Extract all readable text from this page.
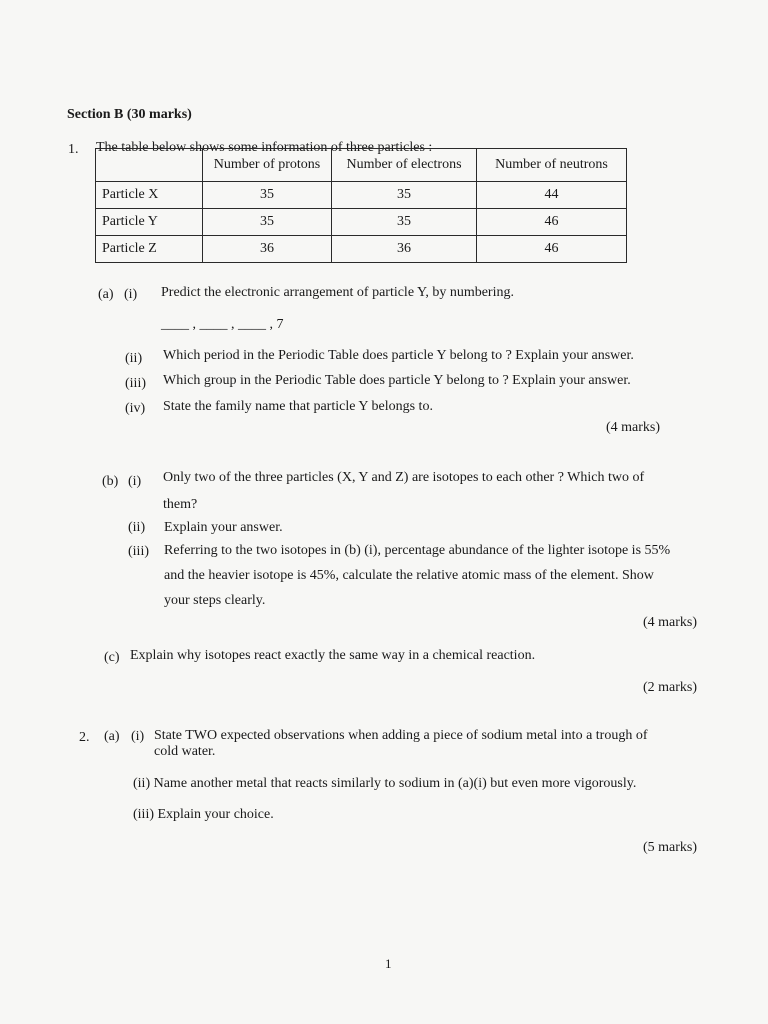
Section B (30 marks)
1. The table below shows some information of three particles :
	Number of protons	Number of electrons	Number of neutrons
Particle X	35	35	44
Particle Y	35	35	46
Particle Z	36	36	46
(a) (i) Predict the electronic arrangement of particle Y, by numbering.
____ , ____ , ____ , 7
(ii) Which period in the Periodic Table does particle Y belong to ? Explain your answer.
(iii) Which group in the Periodic Table does particle Y belong to ? Explain your answer.
(iv) State the family name that particle Y belongs to.
(4 marks)
(b) (i) Only two of the three particles (X, Y and Z) are isotopes to each other ? Which two of
them?
(ii) Explain your answer.
(iii) Referring to the two isotopes in (b) (i), percentage abundance of the lighter isotope is 55%
and the heavier isotope is 45%, calculate the relative atomic mass of the element. Show
your steps clearly.
(4 marks)
(c) Explain why isotopes react exactly the same way in a chemical reaction.
(2 marks)
2. (a) (i) State TWO expected observations when adding a piece of sodium metal into a trough of
cold water.
(ii) Name another metal that reacts similarly to sodium in (a)(i) but even more vigorously.
(iii) Explain your choice.
(5 marks)
1
